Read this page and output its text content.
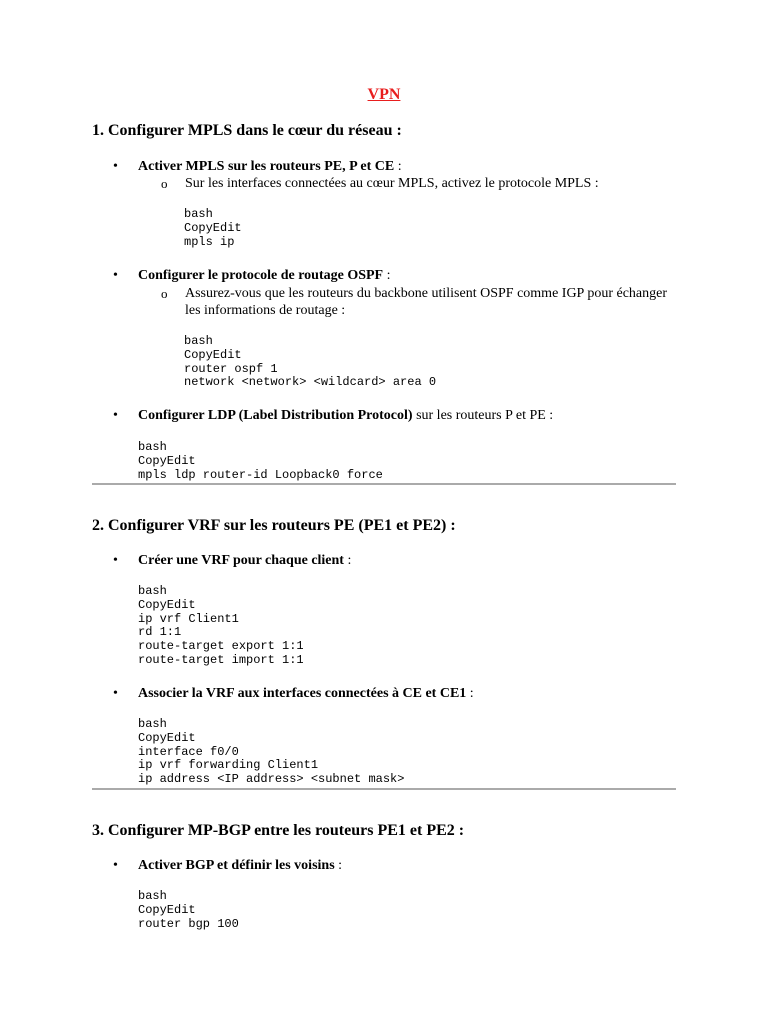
VPN
1. Configurer MPLS dans le cœur du réseau :
• Activer MPLS sur les routeurs PE, P et CE :
o Sur les interfaces connectées au cœur MPLS, activez le protocole MPLS :
bash
CopyEdit
mpls ip
• Configurer le protocole de routage OSPF :
o Assurez-vous que les routeurs du backbone utilisent OSPF comme IGP pour échanger les informations de routage :
bash
CopyEdit
router ospf 1
network <network> <wildcard> area 0
• Configurer LDP (Label Distribution Protocol) sur les routeurs P et PE :
bash
CopyEdit
mpls ldp router-id Loopback0 force
2. Configurer VRF sur les routeurs PE (PE1 et PE2) :
• Créer une VRF pour chaque client :
bash
CopyEdit
ip vrf Client1
rd 1:1
route-target export 1:1
route-target import 1:1
• Associer la VRF aux interfaces connectées à CE et CE1 :
bash
CopyEdit
interface f0/0
ip vrf forwarding Client1
ip address <IP address> <subnet mask>
3. Configurer MP-BGP entre les routeurs PE1 et PE2 :
• Activer BGP et définir les voisins :
bash
CopyEdit
router bgp 100
